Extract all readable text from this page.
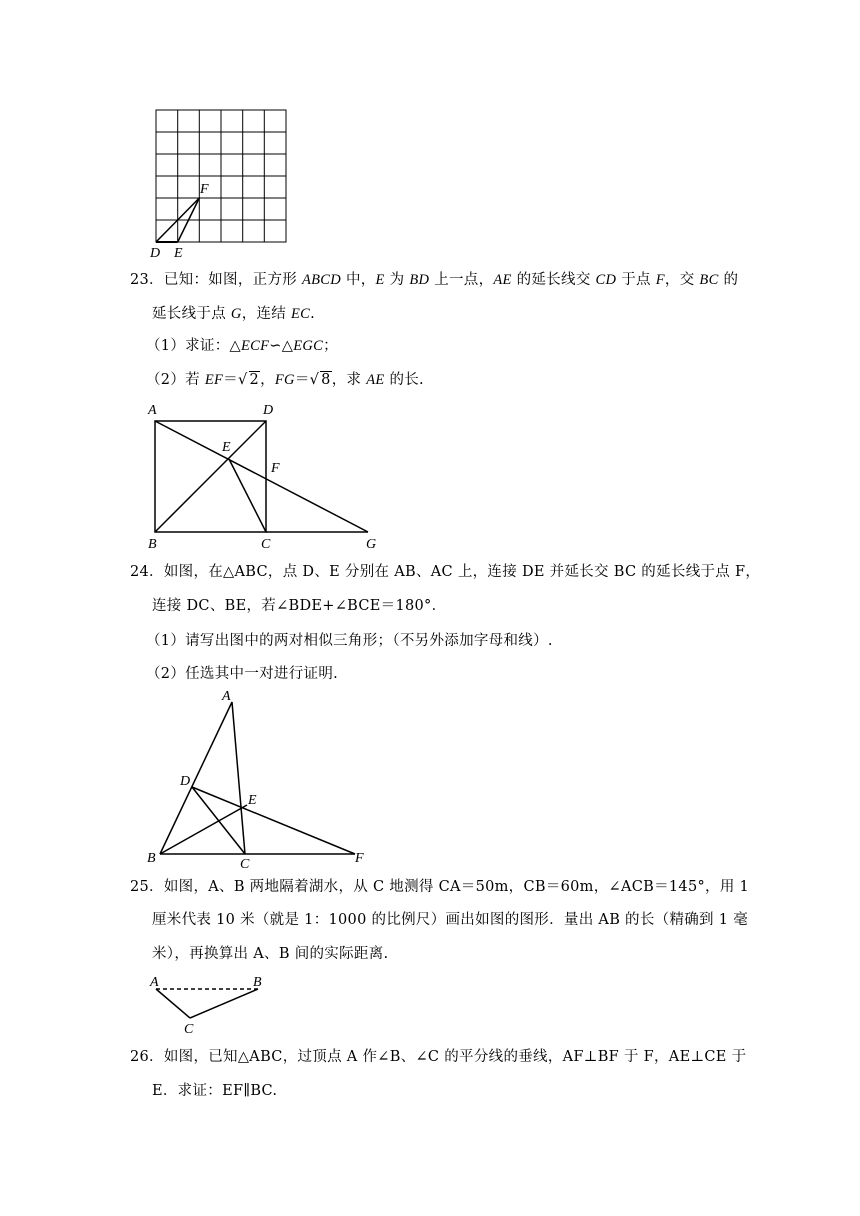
F
D E
23．已知：如图，正方形 ABCD 中，E 为 BD 上一点，AE 的延长线交 CD 于点 F，交 BC 的
延长线于点 G，连结 EC.
（1）求证：△ECF∽△EGC；
（2）若 EF＝√ 2，FG＝√ 8，求 AE 的长.
A	D
E
F
B	C	G
24．如图，在△ABC，点 D、E 分别在 AB、AC 上，连接 DE 并延长交 BC 的延长线于点 F，
连接 DC、BE，若∠BDE+∠BCE＝180°．
（1）请写出图中的两对相似三角形；（不另外添加字母和线）.
（2）任选其中一对进行证明.
A
D
E
B	C	F
25．如图，A、B 两地隔着湖水，从 C 地测得 CA＝50m，CB＝60m，∠ACB＝145°，用 1
厘米代表 10 米（就是 1：1000 的比例尺）画出如图的图形．量出 AB 的长（精确到 1 毫
米），再换算出 A、B 间的实际距离.
A	B
C
26．如图，已知△ABC，过顶点 A 作∠B、∠C 的平分线的垂线，AF⊥BF 于 F，AE⊥CE 于
E．求证：EF∥BC.
